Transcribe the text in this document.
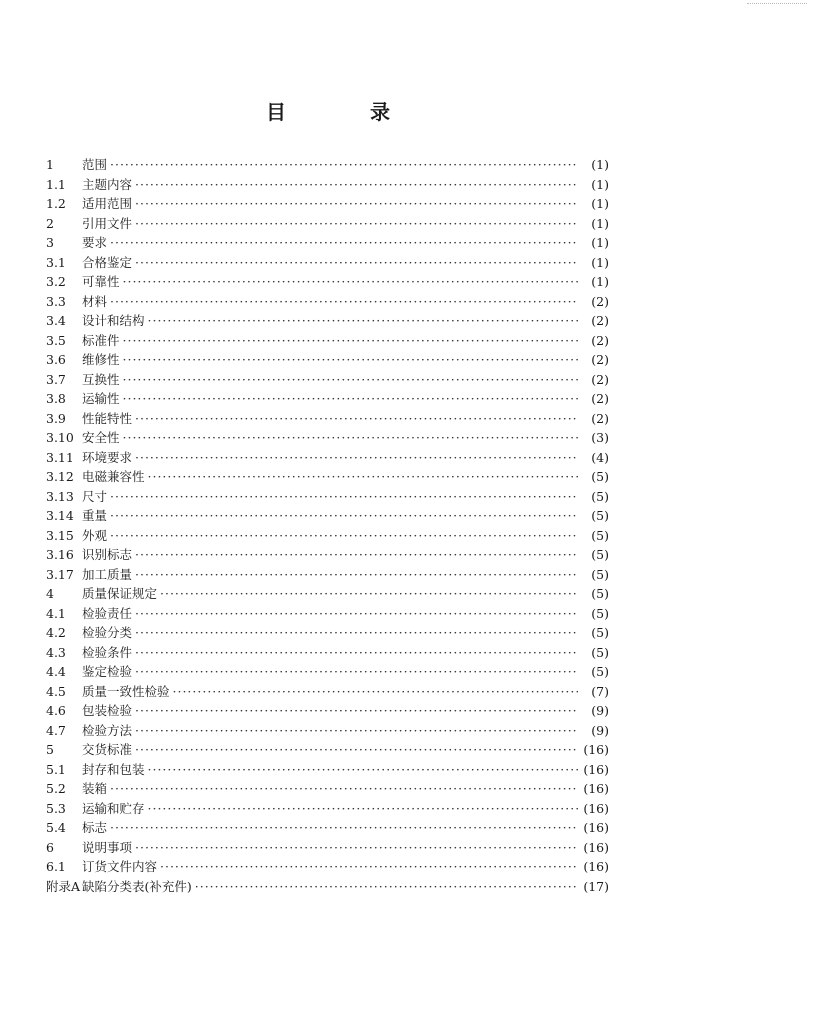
目	录
1	范围 ·····	(1)
1.1	主题内容 ·····	(1)
1.2	适用范围 ·····	(1)
2	引用文件 ·····	(1)
3	要求 ·····	(1)
3.1	合格鉴定 ·····	(1)
3.2	可靠性 ·····	(1)
3.3	材料 ·····	(2)
3.4	设计和结构 ·····	(2)
3.5	标准件 ·····	(2)
3.6	维修性 ·····	(2)
3.7	互换性 ·····	(2)
3.8	运输性 ·····	(2)
3.9	性能特性 ·····	(2)
3.10 安全性 ·····	(3)
3.11 环境要求 ·····	(4)
3.12 电磁兼容性 ·····	(5)
3.13 尺寸 ·····	(5)
3.14 重量 ·····	(5)
3.15 外观 ·····	(5)
3.16 识别标志 ·····	(5)
3.17 加工质量 ·····	(5)
4	质量保证规定 ·····	(5)
4.1	检验责任 ·····	(5)
4.2	检验分类 ·····	(5)
4.3	检验条件 ·····	(5)
4.4	鉴定检验 ·····	(5)
4.5	质量一致性检验 ·····	(7)
4.6	包装检验 ·····	(9)
4.7	检验方法 ·····	(9)
5	交货标准 ·····	(16)
5.1	封存和包装 ·····	(16)
5.2	装箱 ·····	(16)
5.3	运输和贮存 ·····	(16)
5.4	标志 ·····	(16)
6	说明事项 ·····	(16)
6.1	订货文件内容 ·····	(16)
附录A 缺陷分类表(补充件) ·····	(17)
